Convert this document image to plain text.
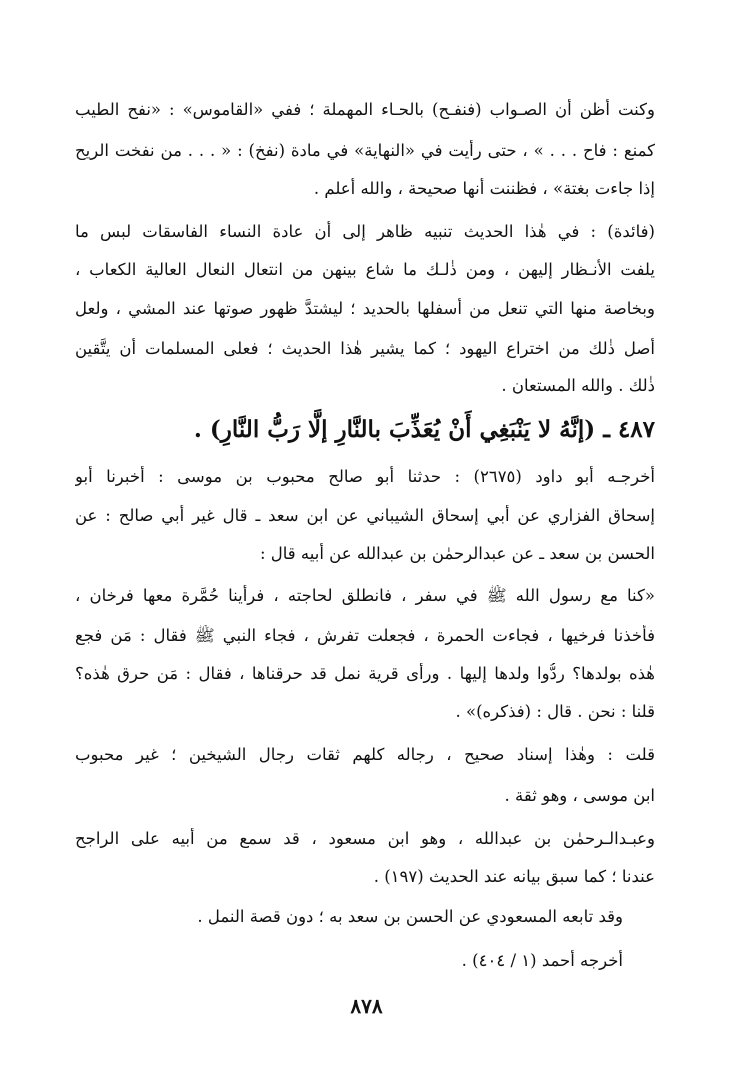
وكنت أظن أن الصـواب (فنفـح) بالحـاء المهملة ؛ ففي «القاموس» : «نفح الطيب
كمنع : فاح . . . » ، حتى رأيت في «النهاية» في مادة (نفخ) : « . . . من نفخت الريح
إذا جاءت بغتة» ، فظننت أنها صحيحة ، والله أعلم .
(فائدة) : في هٰذا الحديث تنبيه ظاهر إلى أن عادة النساء الفاسقات لبس ما
يلفت الأنـظار إليهن ، ومن ذٰلـك ما شاع بينهن من انتعال النعال العالية الكعاب ،
وبخاصة منها التي تنعل من أسفلها بالحديد ؛ ليشتدَّ ظهور صوتها عند المشي ، ولعل
أصل ذٰلك من اختراع اليهود ؛ كما يشير هٰذا الحديث ؛ فعلى المسلمات أن يتَّقين
ذٰلك . والله المستعان .
٤٨٧ ـ (إنَّهُ لا يَنْبَغِي أَنْ يُعَذِّبَ بالنَّارِ إلَّا رَبُّ النَّارِ) .
أخرجـه أبو داود (٢٦٧٥) : حدثنا أبو صالح محبوب بن موسى : أخبرنا أبو
إسحاق الفزاري عن أبي إسحاق الشيباني عن ابن سعد ـ قال غير أبي صالح : عن
الحسن بن سعد ـ عن عبدالرحمٰن بن عبدالله عن أبيه قال :
«كنا مع رسول الله ﷺ في سفر ، فانطلق لحاجته ، فرأينا حُمَّرة معها فرخان ،
فأخذنا فرخيها ، فجاءت الحمرة ، فجعلت تفرش ، فجاء النبي ﷺ فقال : مَن فجع
هٰذه بولدها؟ ردُّوا ولدها إليها . ورأى قرية نمل قد حرقناها ، فقال : مَن حرق هٰذه؟
قلنا : نحن . قال : (فذكره)» .
قلت : وهٰذا إسناد صحيح ، رجاله كلهم ثقات رجال الشيخين ؛ غير محبوب
ابن موسى ، وهو ثقة .
وعبـدالـرحمٰن بن عبدالله ، وهو ابن مسعود ، قد سمع من أبيه على الراجح
عندنا ؛ كما سبق بيانه عند الحديث (١٩٧) .
وقد تابعه المسعودي عن الحسن بن سعد به ؛ دون قصة النمل .
أخرجه أحمد (١ / ٤٠٤) .
٨٧٨
